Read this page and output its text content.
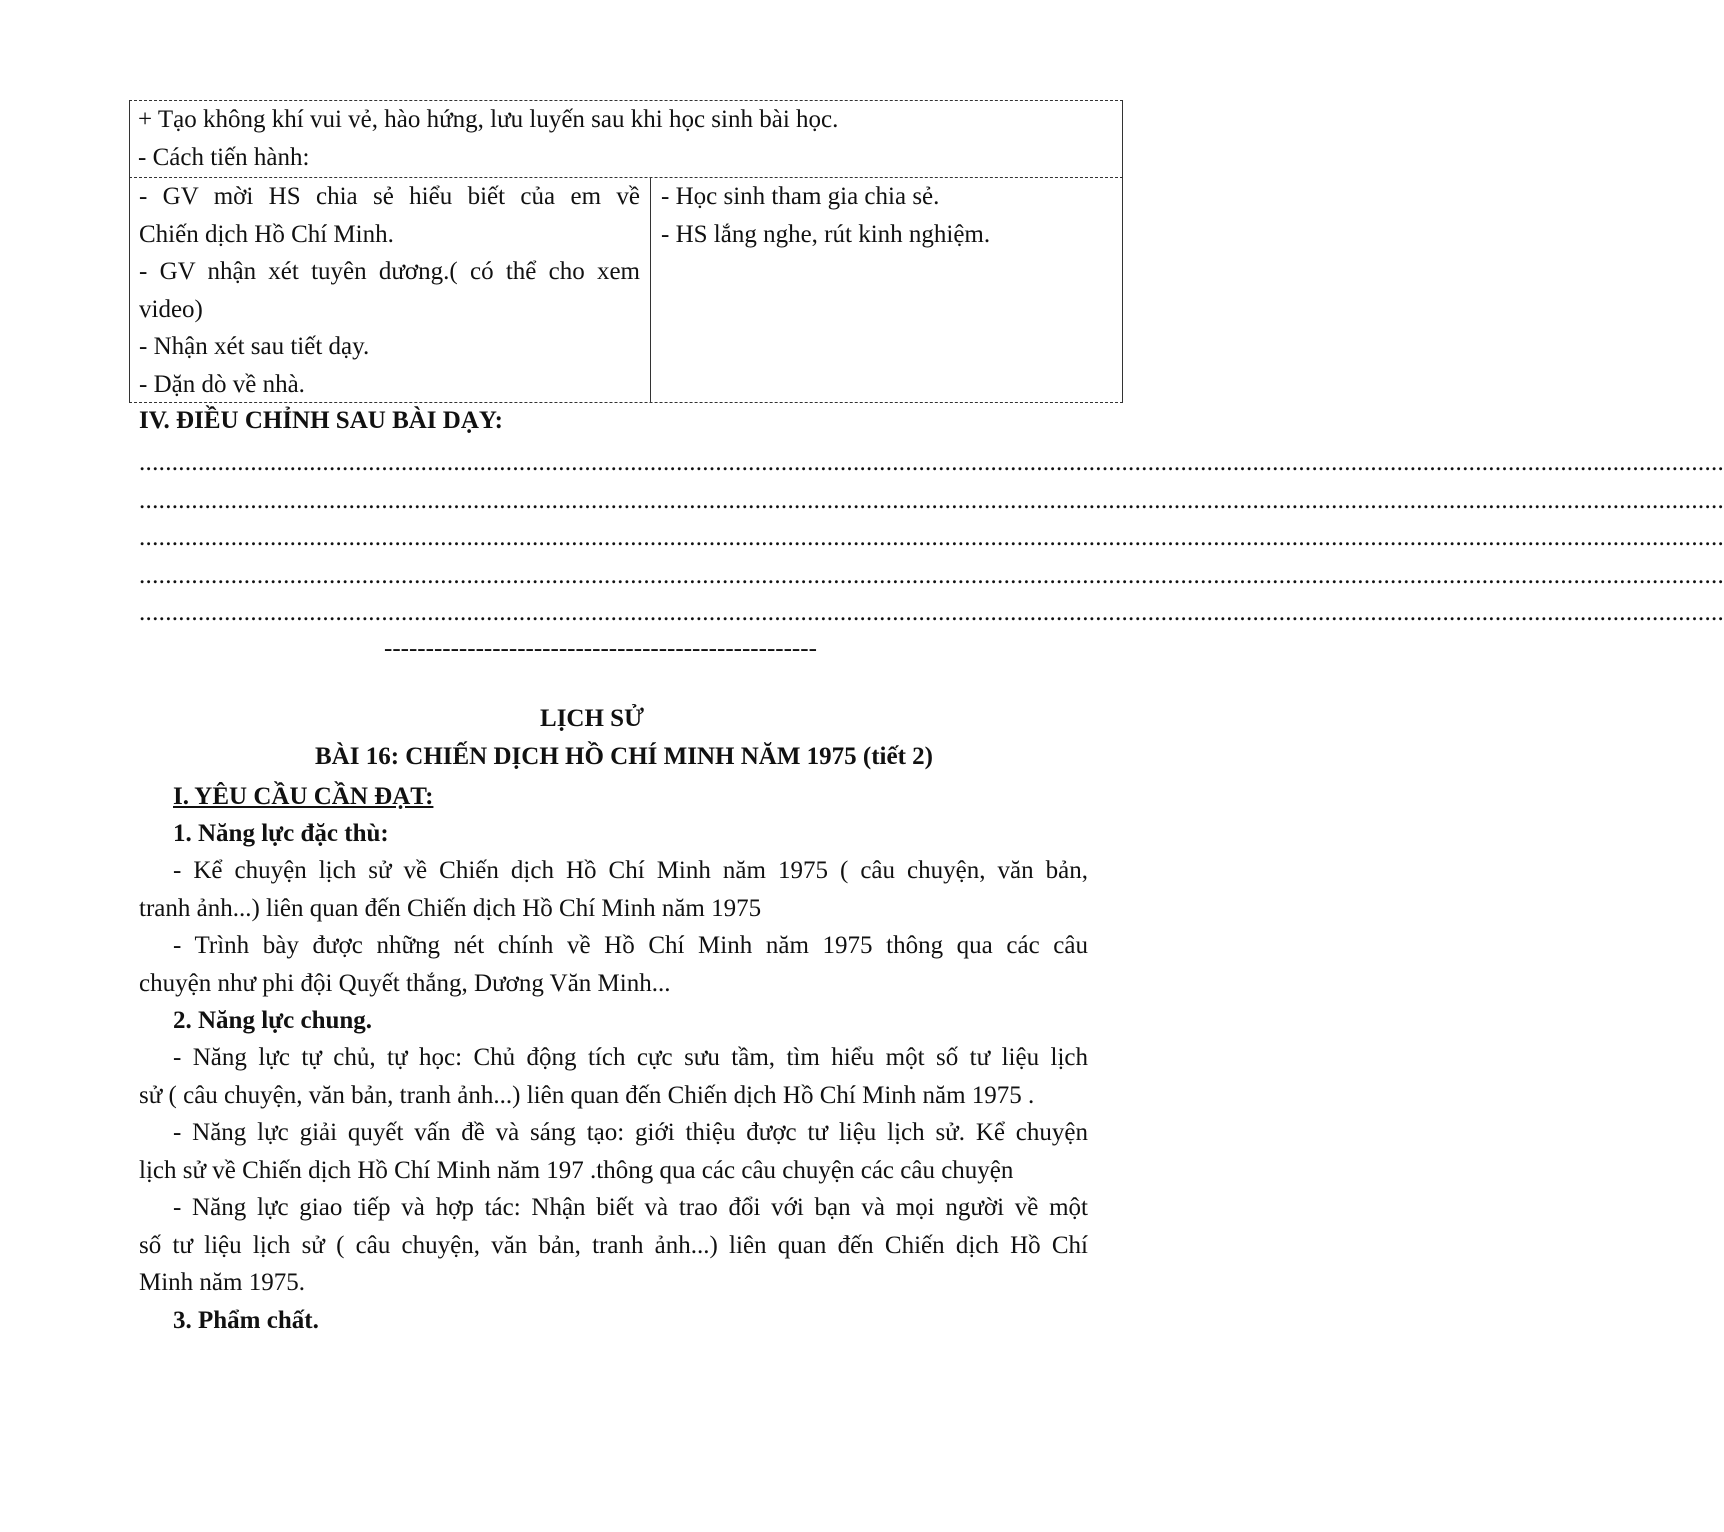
+ Tạo không khí vui vẻ, hào hứng, lưu luyến sau khi học sinh bài học.
- Cách tiến hành:
- GV mời HS chia sẻ hiểu biết của em về
Chiến dịch Hồ Chí Minh.
- GV nhận xét tuyên dương.( có thể cho xem
video)
- Nhận xét sau tiết dạy.
- Dặn dò về nhà.
- Học sinh tham gia chia sẻ.
- HS lắng nghe, rút kinh nghiệm.
IV. ĐIỀU CHỈNH SAU BÀI DẠY:
..................................................................................................................................................................................................................................................
..................................................................................................................................................................................................................................................
..................................................................................................................................................................................................................................................
..................................................................................................................................................................................................................................................
..................................................................................................................................................................................................................................................
----------------------------------------------------
LỊCH SỬ
BÀI 16: CHIẾN DỊCH HỒ CHÍ MINH NĂM 1975 (tiết 2)
I. YÊU CẦU CẦN ĐẠT:
1. Năng lực đặc thù:
- Kể chuyện lịch sử về Chiến dịch Hồ Chí Minh năm 1975 ( câu chuyện, văn bản,
tranh ảnh...) liên quan đến Chiến dịch Hồ Chí Minh năm 1975
- Trình bày được những nét chính về Hồ Chí Minh năm 1975 thông qua các câu
chuyện như phi đội Quyết thắng, Dương Văn Minh...
2. Năng lực chung.
- Năng lực tự chủ, tự học: Chủ động tích cực sưu tầm, tìm hiểu một số tư liệu lịch
sử ( câu chuyện, văn bản, tranh ảnh...) liên quan đến Chiến dịch Hồ Chí Minh năm 1975 .
- Năng lực giải quyết vấn đề và sáng tạo: giới thiệu được tư liệu lịch sử. Kể chuyện
lịch sử về Chiến dịch Hồ Chí Minh năm 197 .thông qua các câu chuyện các câu chuyện
- Năng lực giao tiếp và hợp tác: Nhận biết và trao đổi với bạn và mọi người về một
số tư liệu lịch sử ( câu chuyện, văn bản, tranh ảnh...) liên quan đến Chiến dịch Hồ Chí
Minh năm 1975.
3. Phẩm chất.
